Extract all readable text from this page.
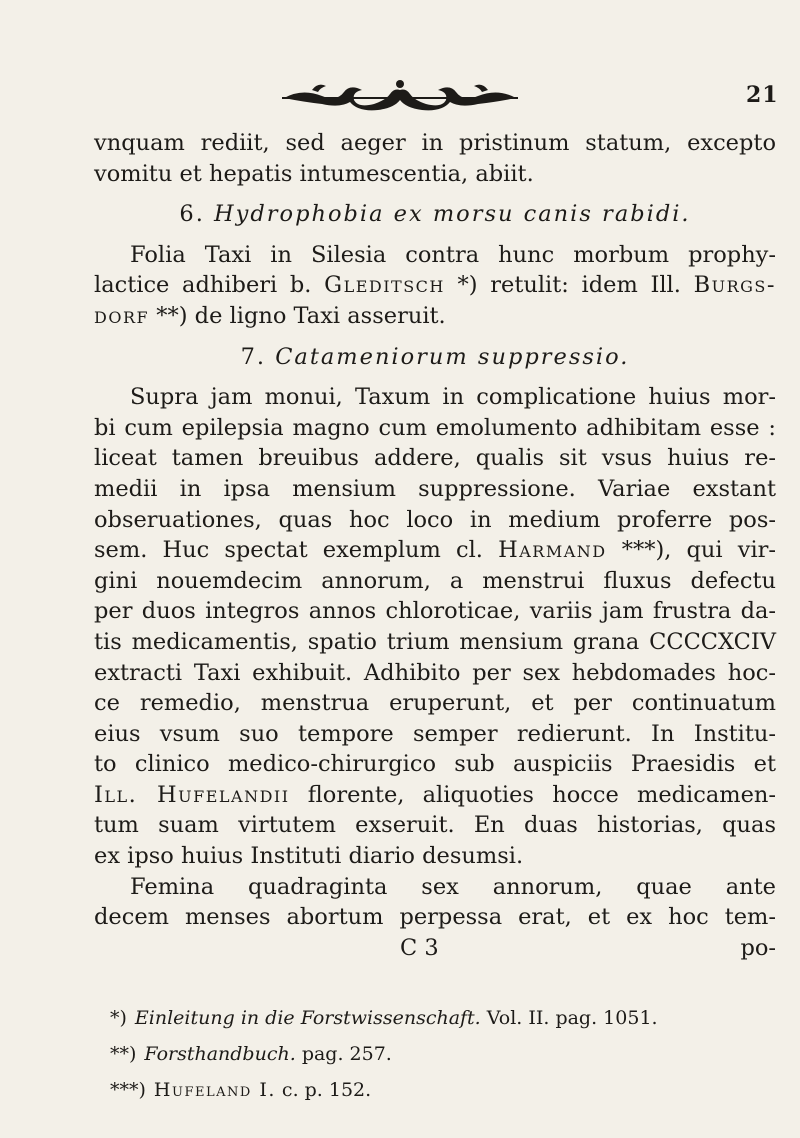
21

vnquam rediit, sed aeger in pristinum statum, excepto

vomitu et hepatis intumescentia, abiit.

6. Hydrophobia ex morsu canis rabidi.

Folia Taxi in Silesia contra hunc morbum prophy-

lactice adhiberi b. Gleditsch *) retulit: idem Ill. Burgs-

dorf **) de ligno Taxi asseruit.

7. Catameniorum suppressio.

Supra jam monui, Taxum in complicatione huius mor-

bi cum epilepsia magno cum emolumento adhibitam esse :

liceat tamen breuibus addere, qualis sit vsus huius re-

medii in ipsa mensium suppressione. Variae exstant

obseruationes, quas hoc loco in medium proferre pos-

sem. Huc spectat exemplum cl. Harmand ***), qui vir-

gini nouemdecim annorum, a menstrui fluxus defectu

per duos integros annos chloroticae, variis jam frustra da-

tis medicamentis, spatio trium mensium grana CCCCXCIV

extracti Taxi exhibuit. Adhibito per sex hebdomades hoc-

ce remedio, menstrua eruperunt, et per continuatum

eius vsum suo tempore semper redierunt. In Institu-

to clinico medico-chirurgico sub auspiciis Praesidis et

Ill. Hufelandii florente, aliquoties hocce medicamen-

tum suam virtutem exseruit. En duas historias, quas

ex ipso huius Instituti diario desumsi.

Femina quadraginta sex annorum, quae ante

decem menses abortum perpessa erat, et ex hoc tem-

C 3	po-
*) Einleitung in die Forstwissenschaft. Vol. II. pag. 1051.
**) Forsthandbuch. pag. 257.
***) Hufeland I. c. p. 152.
